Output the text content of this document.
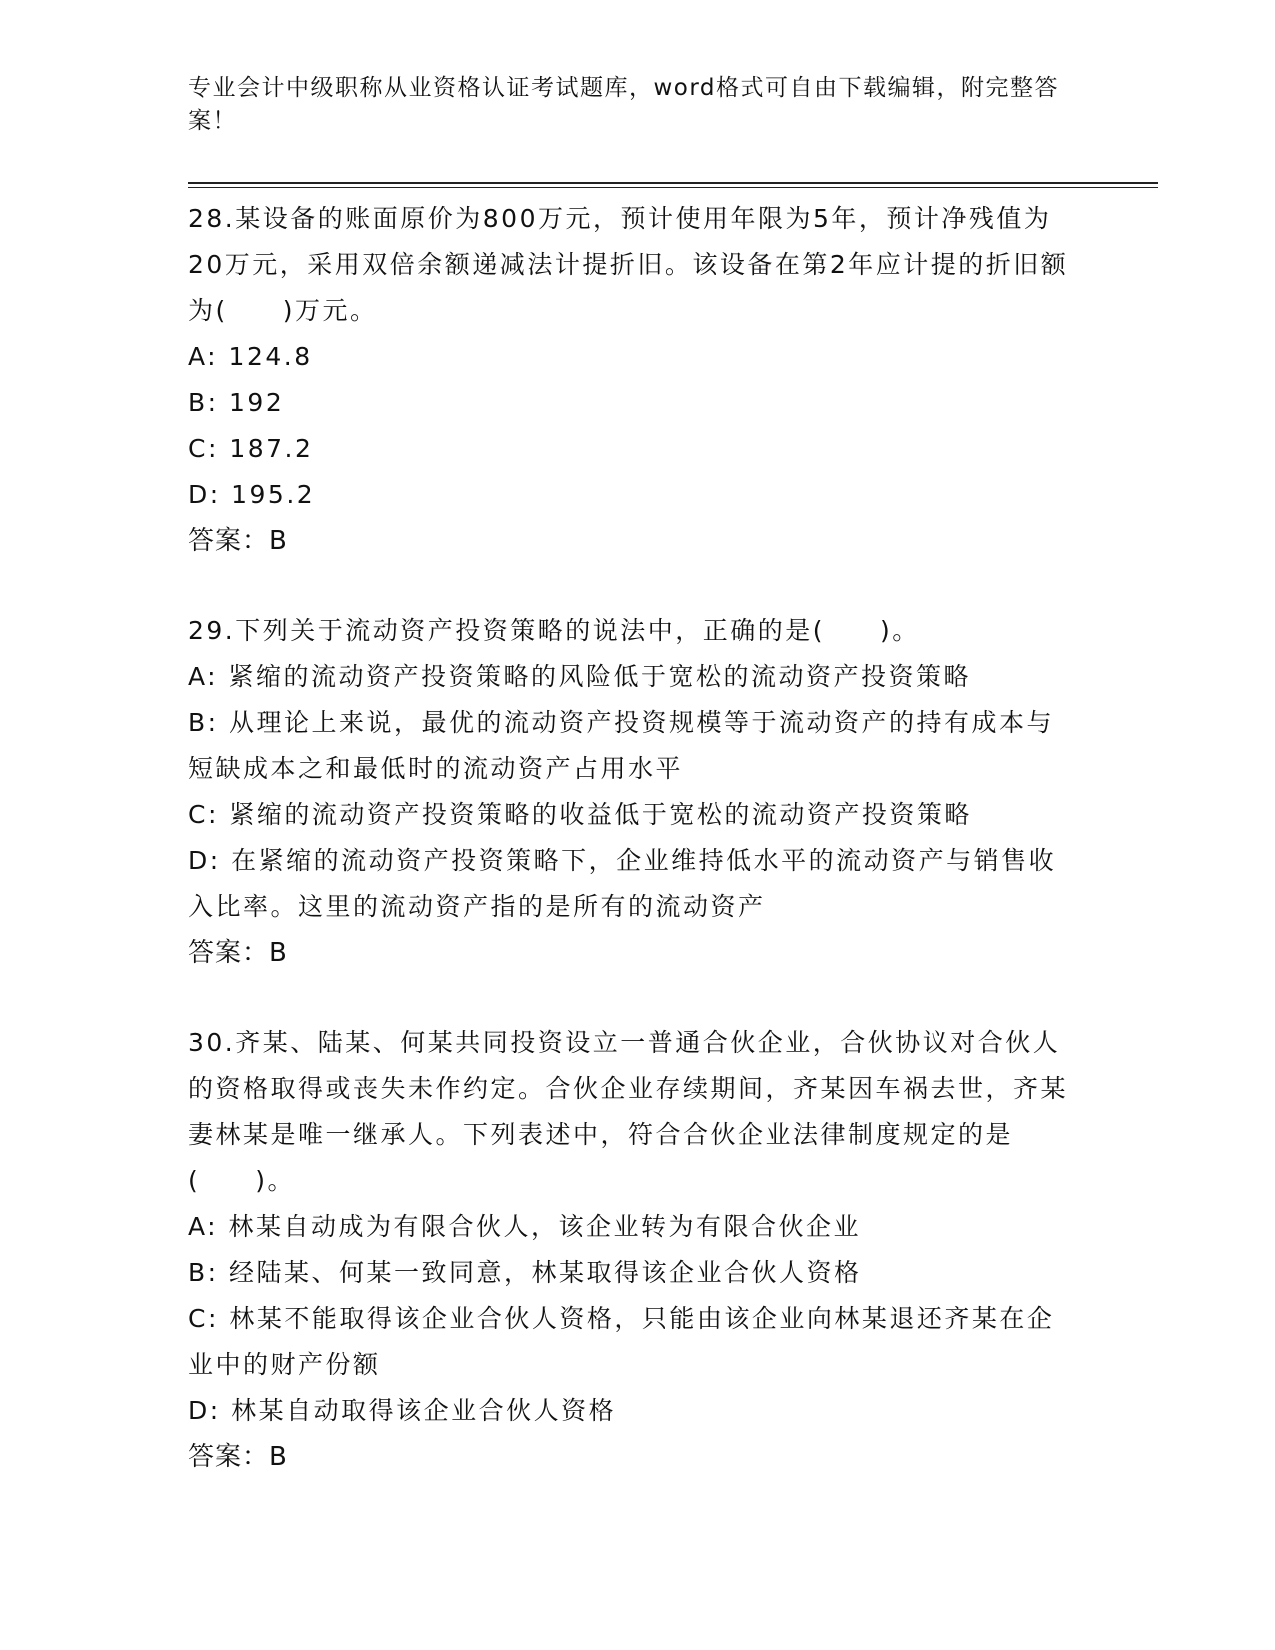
专业会计中级职称从业资格认证考试题库，word格式可自由下载编辑，附完整答案！

28.某设备的账面原价为800万元，预计使用年限为5年，预计净残值为20万元，采用双倍余额递减法计提折旧。该设备在第2年应计提的折旧额为(　　)万元。

A: 124.8

B: 192

C: 187.2

D: 195.2

答案：B

29.下列关于流动资产投资策略的说法中，正确的是(　　)。

A: 紧缩的流动资产投资策略的风险低于宽松的流动资产投资策略

B: 从理论上来说，最优的流动资产投资规模等于流动资产的持有成本与短缺成本之和最低时的流动资产占用水平

C: 紧缩的流动资产投资策略的收益低于宽松的流动资产投资策略

D: 在紧缩的流动资产投资策略下，企业维持低水平的流动资产与销售收入比率。这里的流动资产指的是所有的流动资产

答案：B

30.齐某、陆某、何某共同投资设立一普通合伙企业，合伙协议对合伙人的资格取得或丧失未作约定。合伙企业存续期间，齐某因车祸去世，齐某妻林某是唯一继承人。下列表述中，符合合伙企业法律制度规定的是(　　)。

A: 林某自动成为有限合伙人，该企业转为有限合伙企业

B: 经陆某、何某一致同意，林某取得该企业合伙人资格

C: 林某不能取得该企业合伙人资格，只能由该企业向林某退还齐某在企业中的财产份额

D: 林某自动取得该企业合伙人资格

答案：B
